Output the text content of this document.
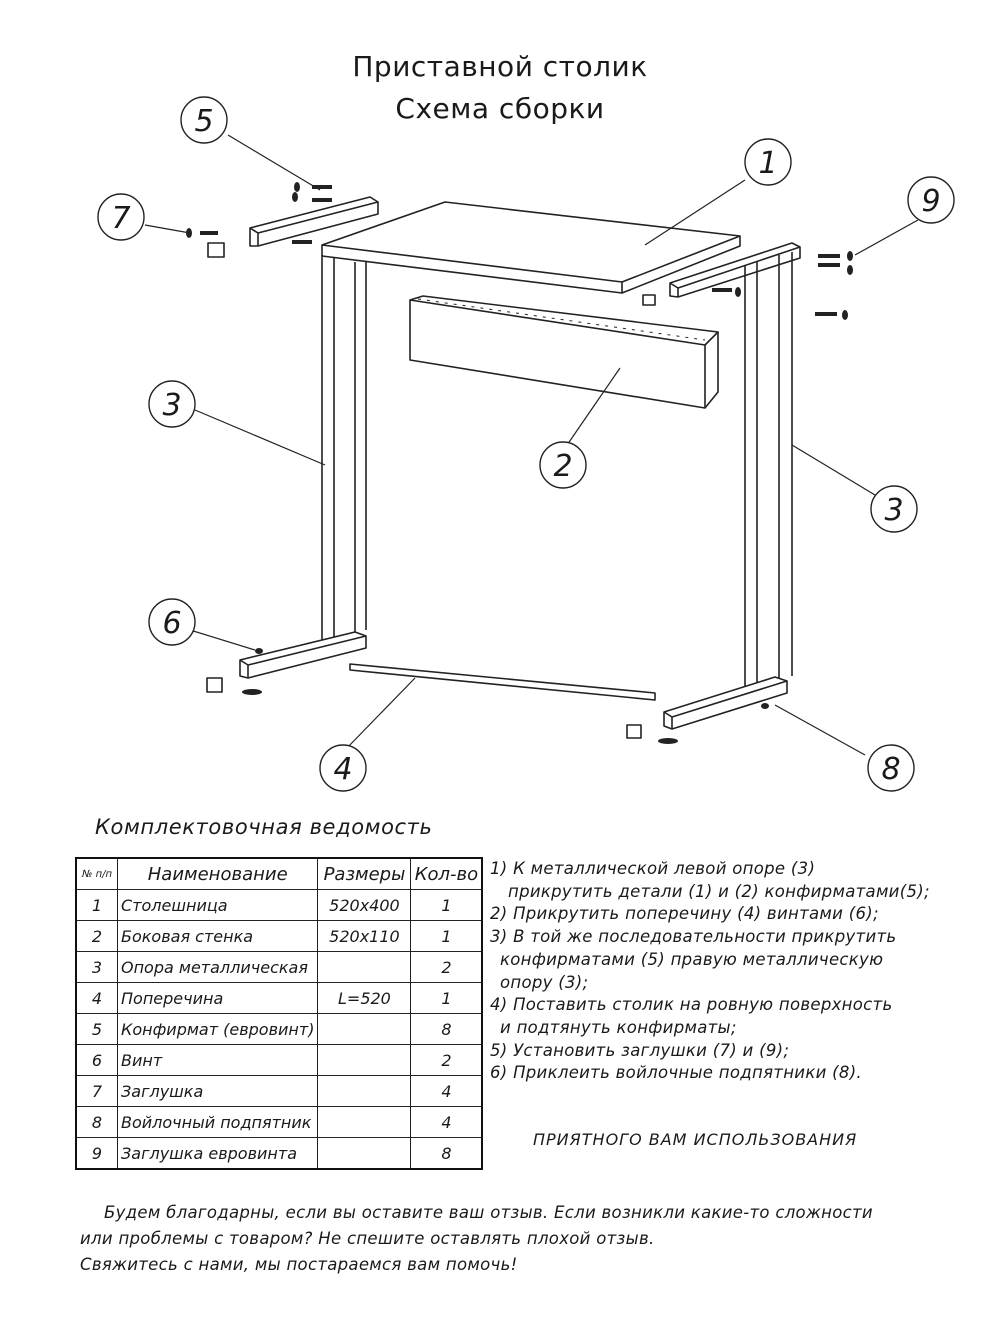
Приставной столик
Схема сборки
1
2
3
3
4
5
6
7
8
9
Комплектовочная ведомость
№ п/п	Наименование	Размеры	Кол-во
1	Столешница	520х400	1
2	Боковая стенка	520х110	1
3	Опора металлическая		2
4	Поперечина	L=520	1
5	Конфирмат (евровинт)		8
6	Винт		2
7	Заглушка		4
8	Войлочный подпятник		4
9	Заглушка евровинта		8
1) К металлической левой опоре (3)
прикрутить детали (1) и (2) конфирматами(5);
2) Прикрутить поперечину (4) винтами (6);
3) В той же последовательности прикрутить
конфирматами (5) правую металлическую
опору (3);
4) Поставить столик на ровную поверхность
и подтянуть конфирматы;
5) Установить заглушки (7) и (9);
6) Приклеить войлочные подпятники (8).
ПРИЯТНОГО ВАМ ИСПОЛЬЗОВАНИЯ
Будем благодарны, если вы оставите ваш отзыв. Если возникли какие-то сложности
или проблемы с товаром? Не спешите оставлять плохой отзыв.
Свяжитесь с нами, мы постараемся вам помочь!
